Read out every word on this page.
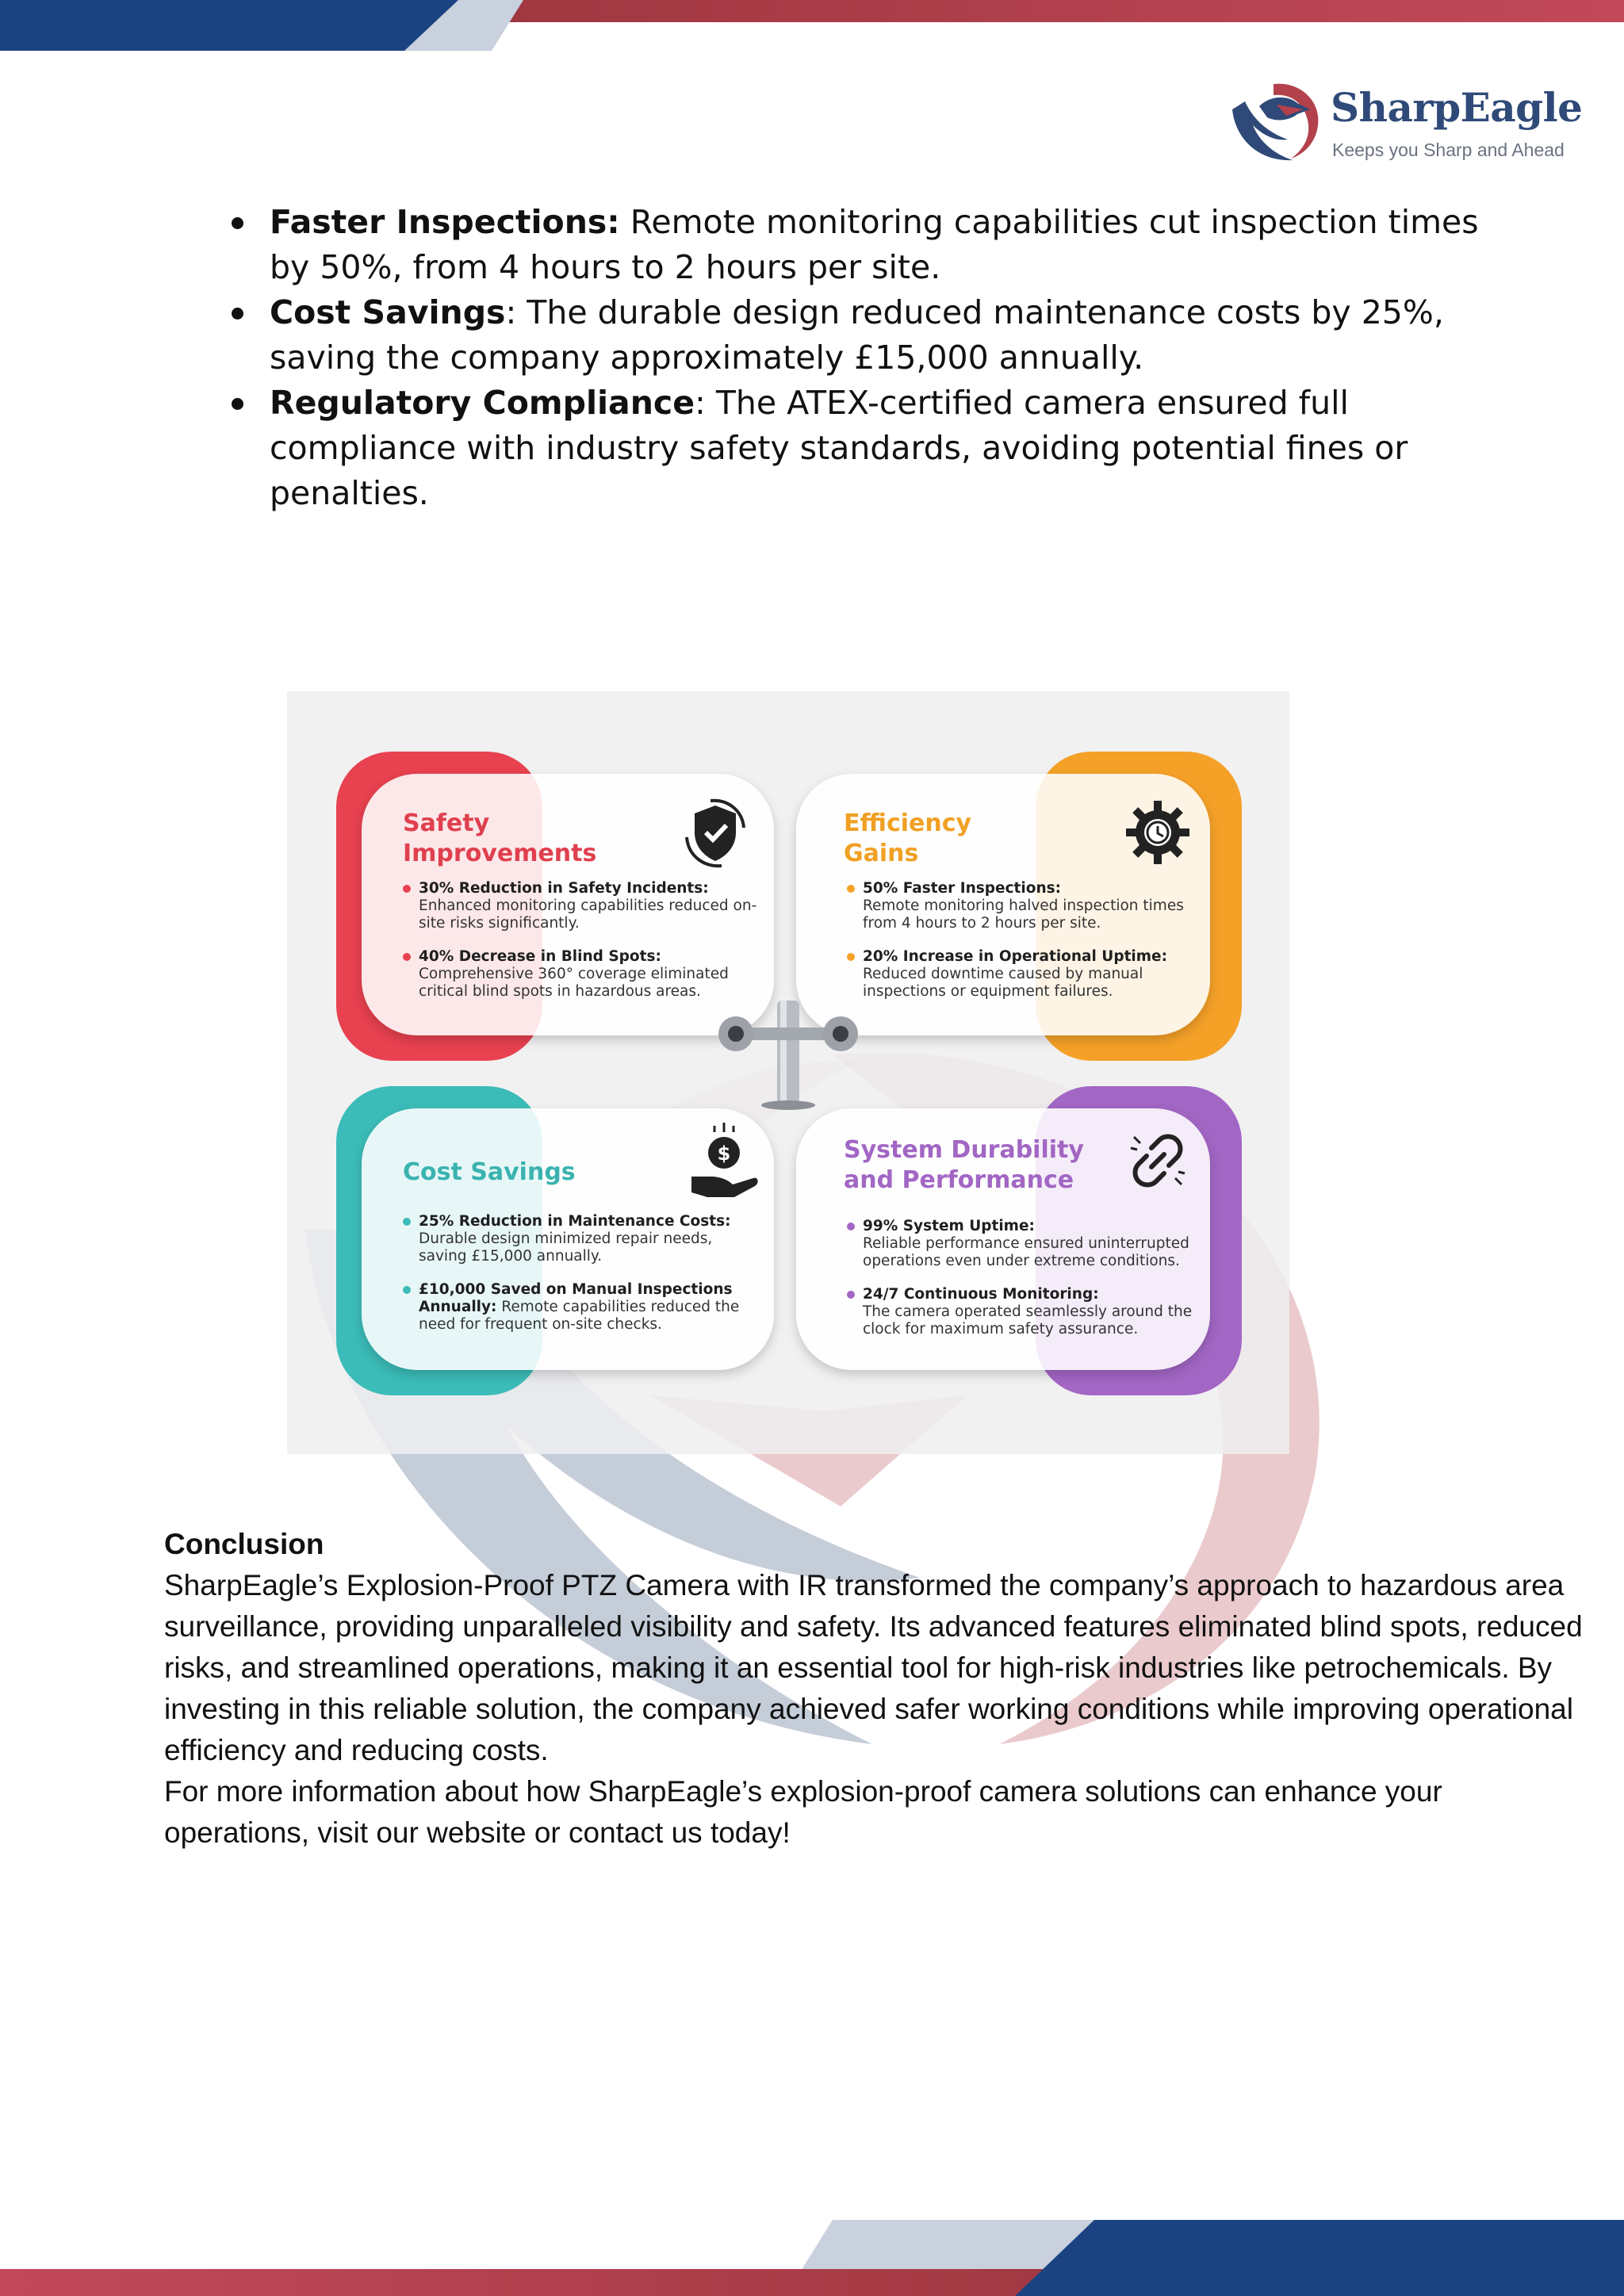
SharpEagle
Keeps you Sharp and Ahead
Faster Inspections: Remote monitoring capabilities cut inspection times by 50%, from 4 hours to 2 hours per site.
Cost Savings: The durable design reduced maintenance costs by 25%, saving the company approximately £15,000 annually.
Regulatory Compliance: The ATEX-certified camera ensured full compliance with industry safety standards, avoiding potential fines or penalties.
Safety Improvements
30% Reduction in Safety Incidents:
Enhanced monitoring capabilities reduced on-site risks significantly.
40% Decrease in Blind Spots:
Comprehensive 360° coverage eliminated critical blind spots in hazardous areas.
Efficiency Gains
50% Faster Inspections:
Remote monitoring halved inspection times from 4 hours to 2 hours per site.
20% Increase in Operational Uptime:
Reduced downtime caused by manual inspections or equipment failures.
Cost Savings
$
25% Reduction in Maintenance Costs:
Durable design minimized repair needs, saving £15,000 annually.
£10,000 Saved on Manual Inspections Annually: Remote capabilities reduced the need for frequent on-site checks.
System Durability and Performance
99% System Uptime:
Reliable performance ensured uninterrupted operations even under extreme conditions.
24/7 Continuous Monitoring:
The camera operated seamlessly around the clock for maximum safety assurance.
Conclusion

SharpEagle’s Explosion-Proof PTZ Camera with IR transformed the company’s approach to hazardous area surveillance, providing unparalleled visibility and safety. Its advanced features eliminated blind spots, reduced risks, and streamlined operations, making it an essential tool for high-risk industries like petrochemicals. By investing in this reliable solution, the company achieved safer working conditions while improving operational efficiency and reducing costs.

For more information about how SharpEagle’s explosion-proof camera solutions can enhance your operations, visit our website or contact us today!
